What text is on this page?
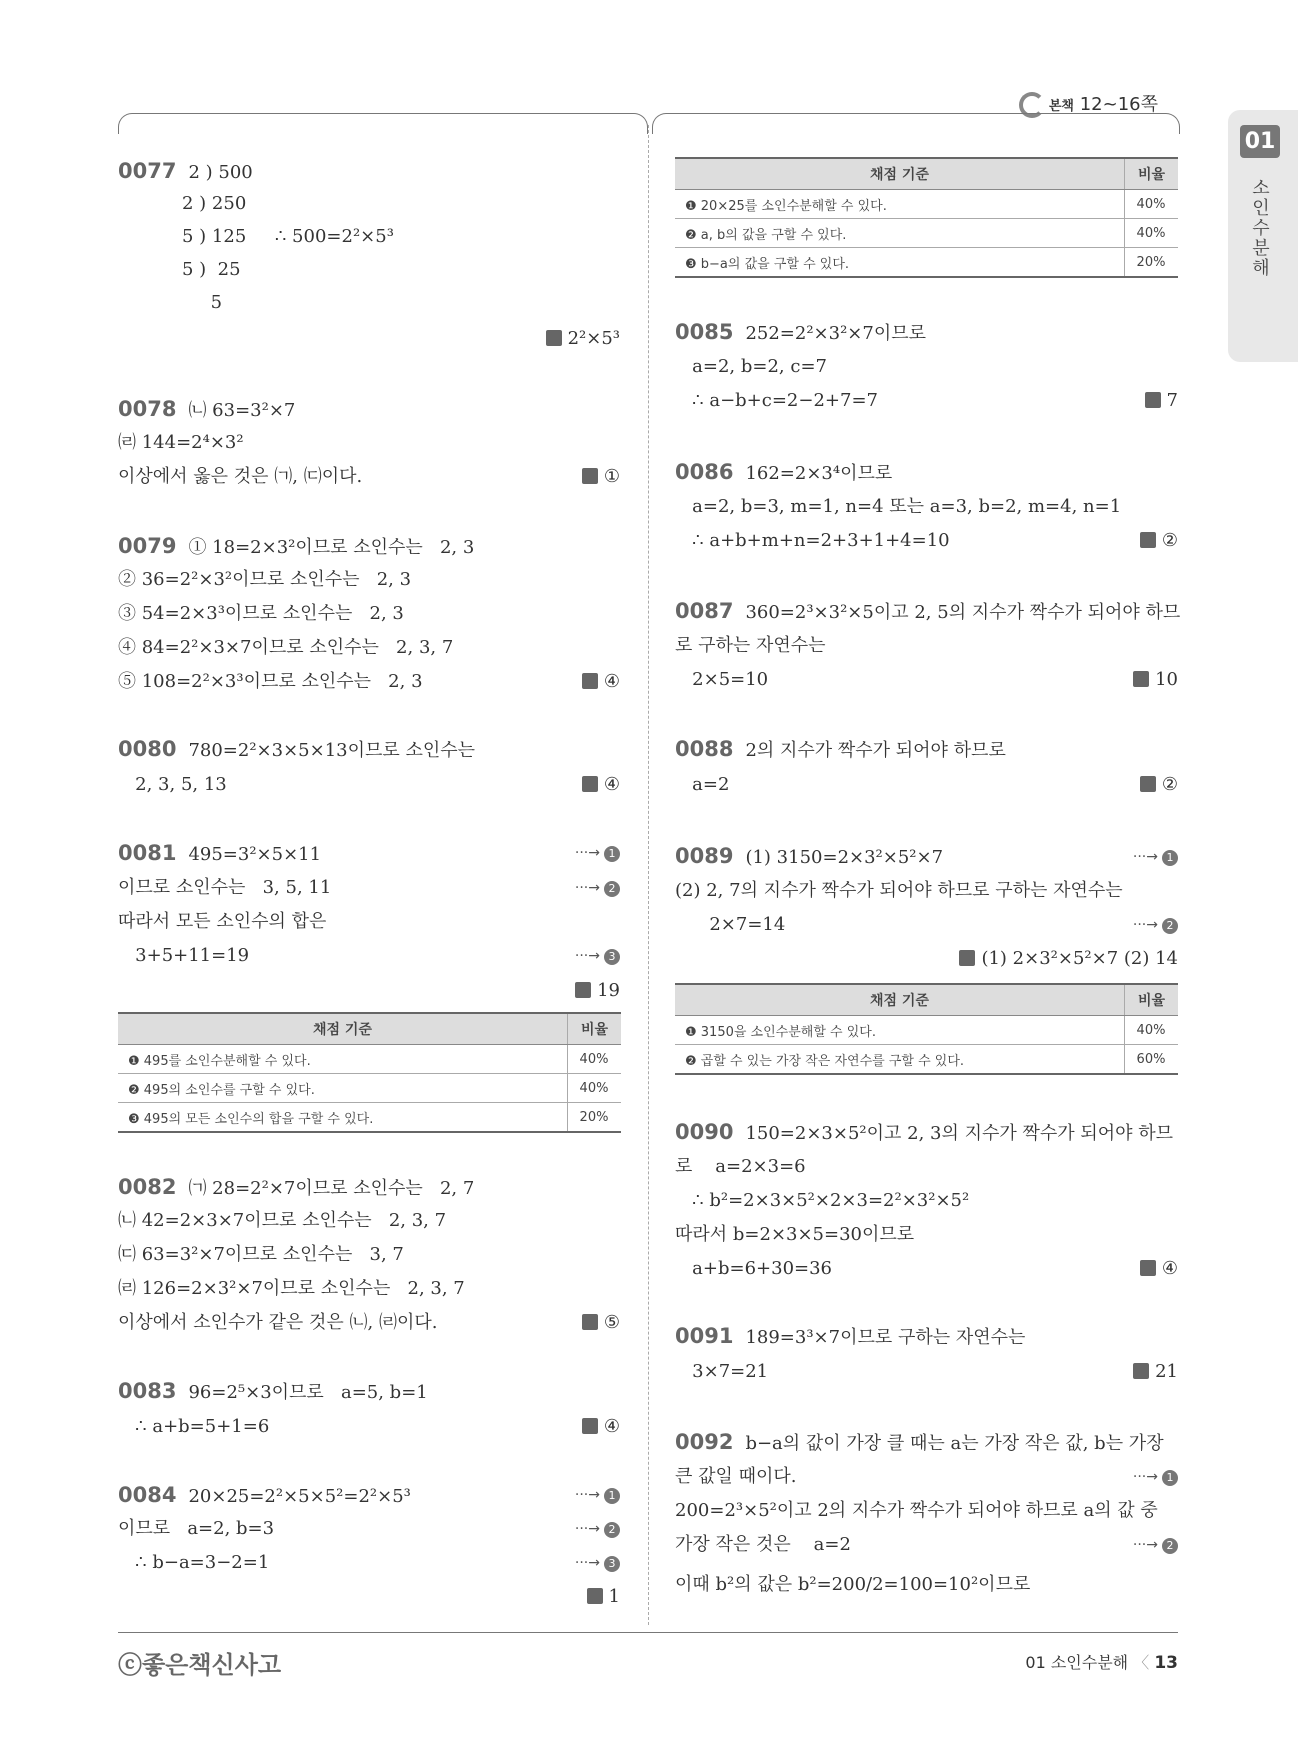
본책 12~16쪽
01
소인수분해
0077 2 ) 500
2 ) 250
5 ) 125     ∴ 500=2²×5³
5 )  25
5
2²×5³
0078 ㈁ 63=3²×7
㈃ 144=2⁴×3²
이상에서 옳은 것은 ㈀, ㈂이다.	①
0079 ① 18=2×3²이므로 소인수는   2, 3
② 36=2²×3²이므로 소인수는   2, 3
③ 54=2×3³이므로 소인수는   2, 3
④ 84=2²×3×7이므로 소인수는   2, 3, 7
⑤ 108=2²×3³이므로 소인수는   2, 3	④
0080 780=2²×3×5×13이므로 소인수는
2, 3, 5, 13	④
0081 495=3²×5×11	···→ 1
이므로 소인수는   3, 5, 11	···→ 2
따라서 모든 소인수의 합은
3+5+11=19	···→ 3
19
채점 기준	비율
❶ 495를 소인수분해할 수 있다.	40%
❷ 495의 소인수를 구할 수 있다.	40%
❸ 495의 모든 소인수의 합을 구할 수 있다.	20%
0082 ㈀ 28=2²×7이므로 소인수는   2, 7
㈁ 42=2×3×7이므로 소인수는   2, 3, 7
㈂ 63=3²×7이므로 소인수는   3, 7
㈃ 126=2×3²×7이므로 소인수는   2, 3, 7
이상에서 소인수가 같은 것은 ㈁, ㈃이다.	⑤
0083 96=2⁵×3이므로   a=5, b=1
∴ a+b=5+1=6	④
0084 20×25=2²×5×5²=2²×5³	···→ 1
이므로   a=2, b=3	···→ 2
∴ b−a=3−2=1	···→ 3
1
채점 기준	비율
❶ 20×25를 소인수분해할 수 있다.	40%
❷ a, b의 값을 구할 수 있다.	40%
❸ b−a의 값을 구할 수 있다.	20%
0085 252=2²×3²×7이므로
a=2, b=2, c=7
∴ a−b+c=2−2+7=7	7
0086 162=2×3⁴이므로
a=2, b=3, m=1, n=4 또는 a=3, b=2, m=4, n=1
∴ a+b+m+n=2+3+1+4=10	②
0087 360=2³×3²×5이고 2, 5의 지수가 짝수가 되어야 하므
로 구하는 자연수는
2×5=10	10
0088 2의 지수가 짝수가 되어야 하므로
a=2	②
0089 (1) 3150=2×3²×5²×7	···→ 1
(2) 2, 7의 지수가 짝수가 되어야 하므로 구하는 자연수는
2×7=14	···→ 2
(1) 2×3²×5²×7 (2) 14
채점 기준	비율
❶ 3150을 소인수분해할 수 있다.	40%
❷ 곱할 수 있는 가장 작은 자연수를 구할 수 있다.	60%
0090 150=2×3×5²이고 2, 3의 지수가 짝수가 되어야 하므
로    a=2×3=6
∴ b²=2×3×5²×2×3=2²×3²×5²
따라서 b=2×3×5=30이므로
a+b=6+30=36	④
0091 189=3³×7이므로 구하는 자연수는
3×7=21	21
0092 b−a의 값이 가장 클 때는 a는 가장 작은 값, b는 가장
큰 값일 때이다.	···→ 1
200=2³×5²이고 2의 지수가 짝수가 되어야 하므로 a의 값 중
가장 작은 것은    a=2	···→ 2
이때 b²의 값은 b²=200/2=100=10²이므로
ⓒ좋은책신사고	01 소인수분해 〈 13
